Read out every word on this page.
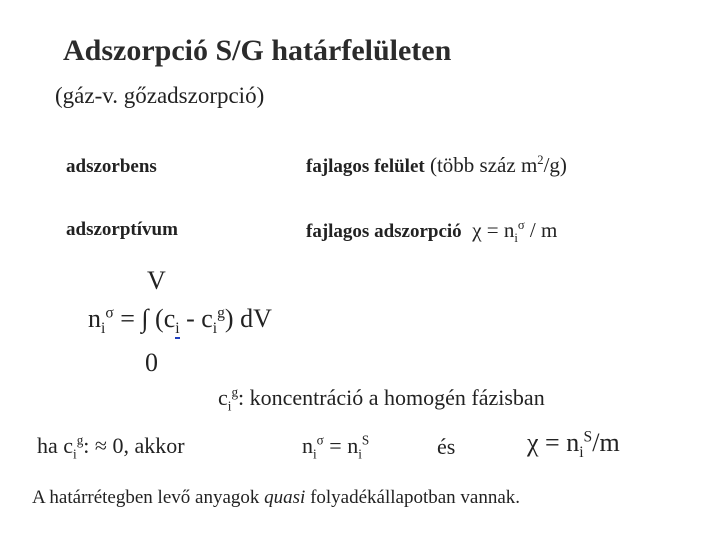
Adszorpció S/G határfelületen
(gáz-v. gőzadszorpció)
adszorbens	fajlagos felület (több száz $m^2/g$)
adszorptívum	fajlagos adszorpció $\chi = n_i^\sigma / m$
V
$n_i^\sigma$ = ∫ $(c_i - c_i^g)$ dV
0
$c_i^g$: koncentráció a homogén fázisban
ha $c_i^g$: ≈ 0, akkor	$n_i^\sigma = n_i^S$	és	$\chi = n_i^S/m$
A határrétegben levő anyagok quasi folyadékállapotban vannak.
